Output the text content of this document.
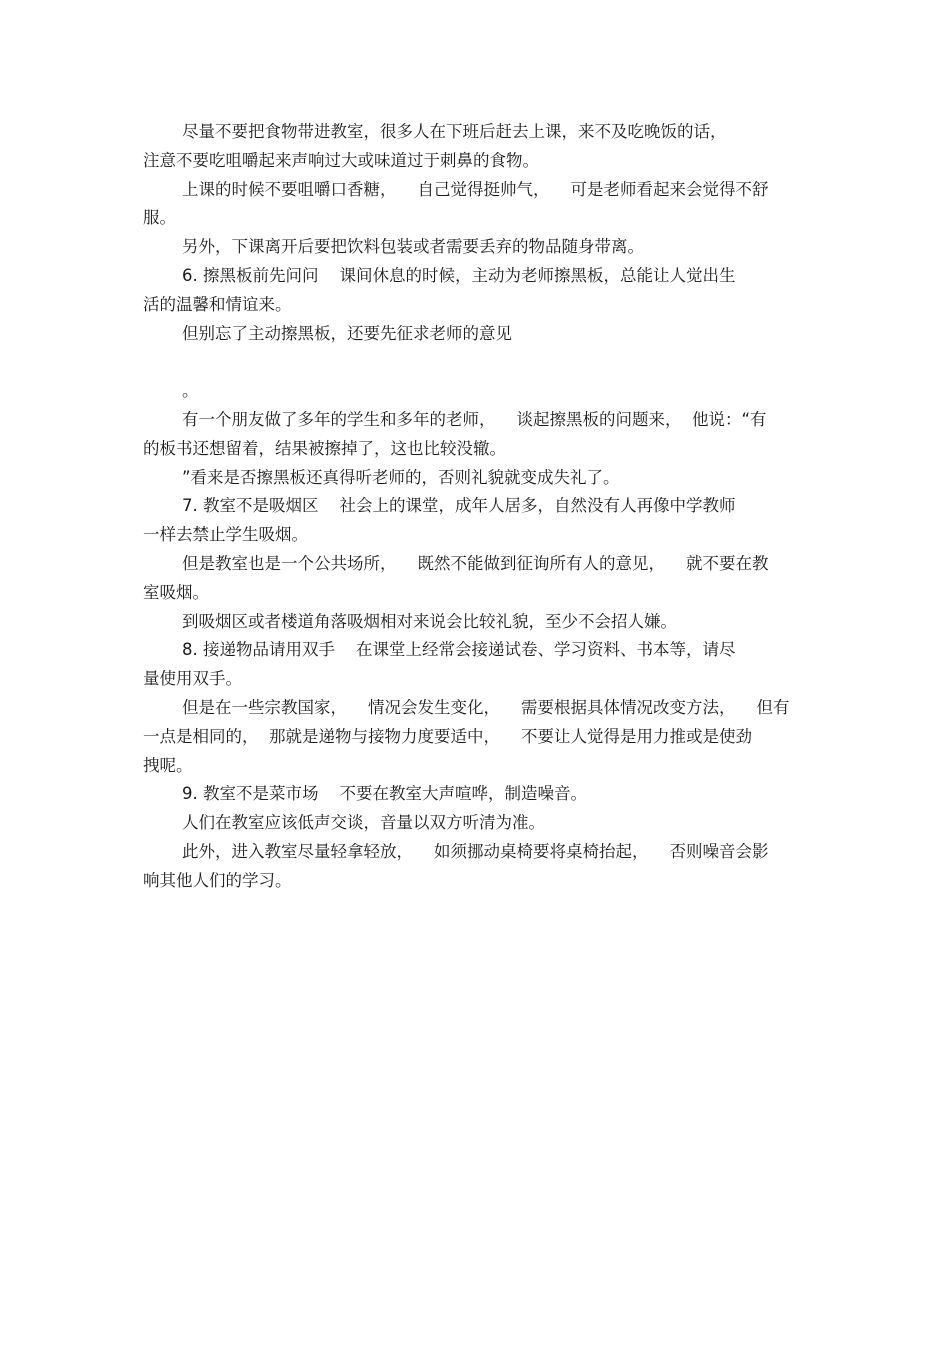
尽量不要把食物带进教室，很多人在下班后赶去上课，来不及吃晚饭的话，
注意不要吃咀嚼起来声响过大或味道过于刺鼻的食物。
上课的时候不要咀嚼口香糖，    自己觉得挺帅气，    可是老师看起来会觉得不舒
服。
另外，下课离开后要把饮料包装或者需要丢弃的物品随身带离。
6. 擦黑板前先问问    课间休息的时候，主动为老师擦黑板，总能让人觉出生
活的温馨和情谊来。
但别忘了主动擦黑板，还要先征求老师的意见
。
有一个朋友做了多年的学生和多年的老师，    谈起擦黑板的问题来，  他说：“有
的板书还想留着，结果被擦掉了，这也比较没辙。
”看来是否擦黑板还真得听老师的，否则礼貌就变成失礼了。
7. 教室不是吸烟区    社会上的课堂，成年人居多，自然没有人再像中学教师
一样去禁止学生吸烟。
但是教室也是一个公共场所，    既然不能做到征询所有人的意见，    就不要在教
室吸烟。
到吸烟区或者楼道角落吸烟相对来说会比较礼貌，至少不会招人嫌。
8. 接递物品请用双手    在课堂上经常会接递试卷、学习资料、书本等，请尽
量使用双手。
但是在一些宗教国家，    情况会发生变化，    需要根据具体情况改变方法，    但有
一点是相同的，  那就是递物与接物力度要适中，    不要让人觉得是用力推或是使劲
拽呢。
9. 教室不是菜市场    不要在教室大声喧哗，制造噪音。
人们在教室应该低声交谈，音量以双方听清为准。
此外，进入教室尽量轻拿轻放，    如须挪动桌椅要将桌椅抬起，    否则噪音会影
响其他人们的学习。
